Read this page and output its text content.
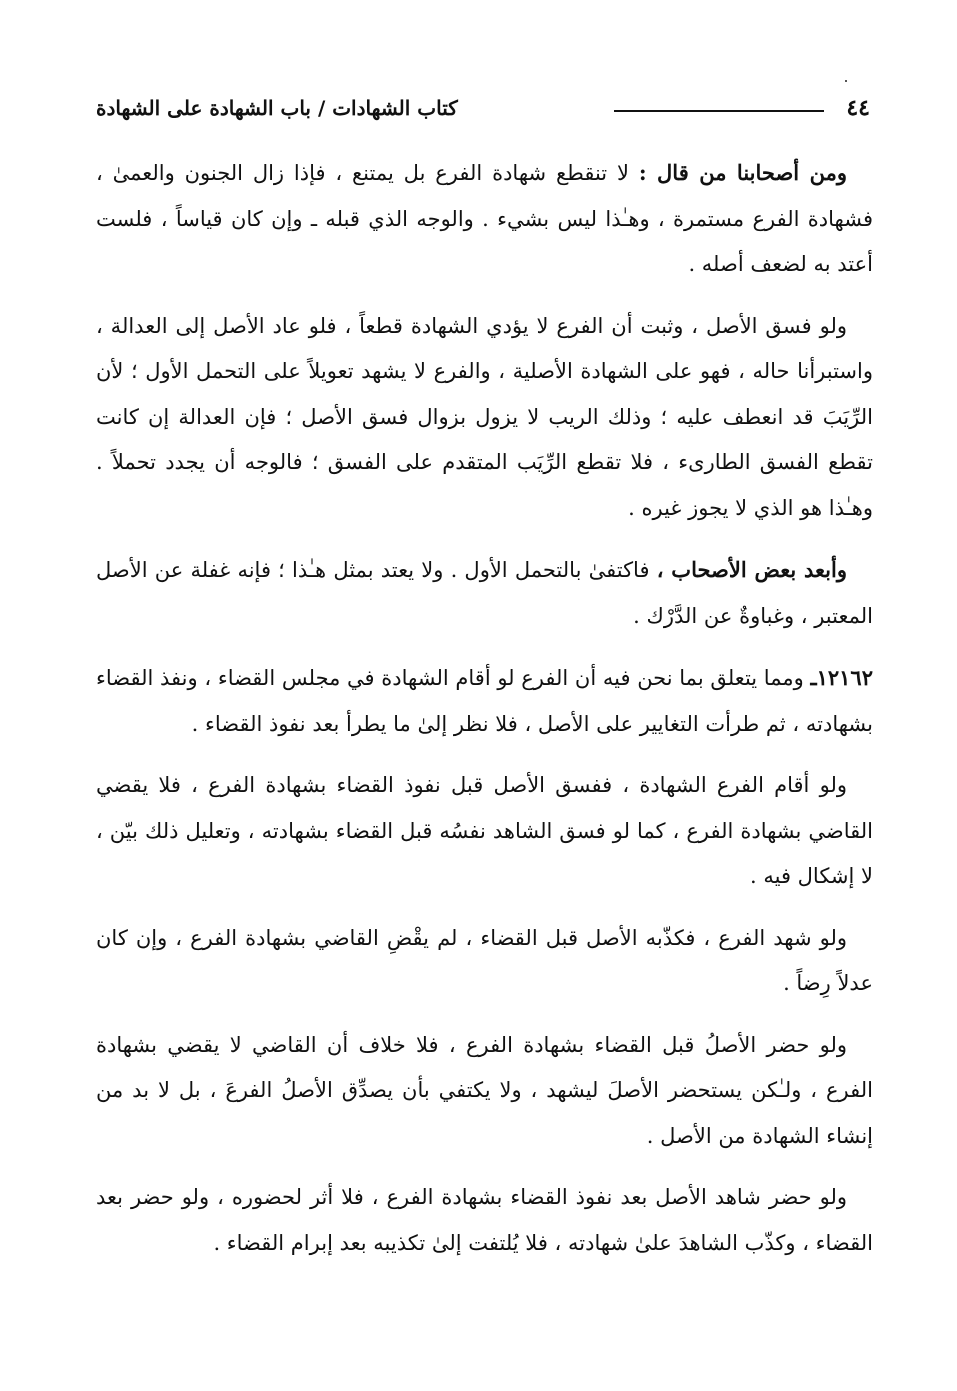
٤٤
كتاب الشهادات / باب الشهادة على الشهادة

ومن أصحابنا من قال : لا تنقطع شهادة الفرع بل يمتنع ، فإذا زال الجنون والعمىٰ ، فشهادة الفرع مستمرة ، وهـٰذا ليس بشيء . والوجه الذي قبله ـ وإن كان قياساً ، فلست أعتد به لضعف أصله .

ولو فسق الأصل ، وثبت أن الفرع لا يؤدي الشهادة قطعاً ، فلو عاد الأصل إلى العدالة ، واستبرأنا حاله ، فهو على الشهادة الأصلية ، والفرع لا يشهد تعويلاً على التحمل الأول ؛ لأن الرِّيَبَ قد انعطف عليه ؛ وذلك الريب لا يزول بزوال فسق الأصل ؛ فإن العدالة إن كانت تقطع الفسق الطارىء ، فلا تقطع الرِّيَب المتقدم على الفسق ؛ فالوجه أن يجدد تحملاً . وهـٰذا هو الذي لا يجوز غيره .

وأبعد بعض الأصحاب ، فاكتفىٰ بالتحمل الأول . ولا يعتد بمثل هـٰذا ؛ فإنه غفلة عن الأصل المعتبر ، وغباوةٌ عن الدَّرْك .

١٢١٦٢ـ ومما يتعلق بما نحن فيه أن الفرع لو أقام الشهادة في مجلس القضاء ، ونفذ القضاء بشهادته ، ثم طرأت التغايير على الأصل ، فلا نظر إلىٰ ما يطرأ بعد نفوذ القضاء .

ولو أقام الفرع الشهادة ، ففسق الأصل قبل نفوذ القضاء بشهادة الفرع ، فلا يقضي القاضي بشهادة الفرع ، كما لو فسق الشاهد نفسُه قبل القضاء بشهادته ، وتعليل ذلك بيّن ، لا إشكال فيه .

ولو شهد الفرع ، فكذّبه الأصل قبل القضاء ، لم يقْضِ القاضي بشهادة الفرع ، وإن كان عدلاً رِضاً .

ولو حضر الأصلُ قبل القضاء بشهادة الفرع ، فلا خلاف أن القاضي لا يقضي بشهادة الفرع ، ولـٰكن يستحضر الأصلَ ليشهد ، ولا يكتفي بأن يصدِّق الأصلُ الفرعَ ، بل لا بد من إنشاء الشهادة من الأصل .

ولو حضر شاهد الأصل بعد نفوذ القضاء بشهادة الفرع ، فلا أثر لحضوره ، ولو حضر بعد القضاء ، وكذّب الشاهدَ علىٰ شهادته ، فلا يُلتفت إلىٰ تكذيبه بعد إبرام القضاء .
